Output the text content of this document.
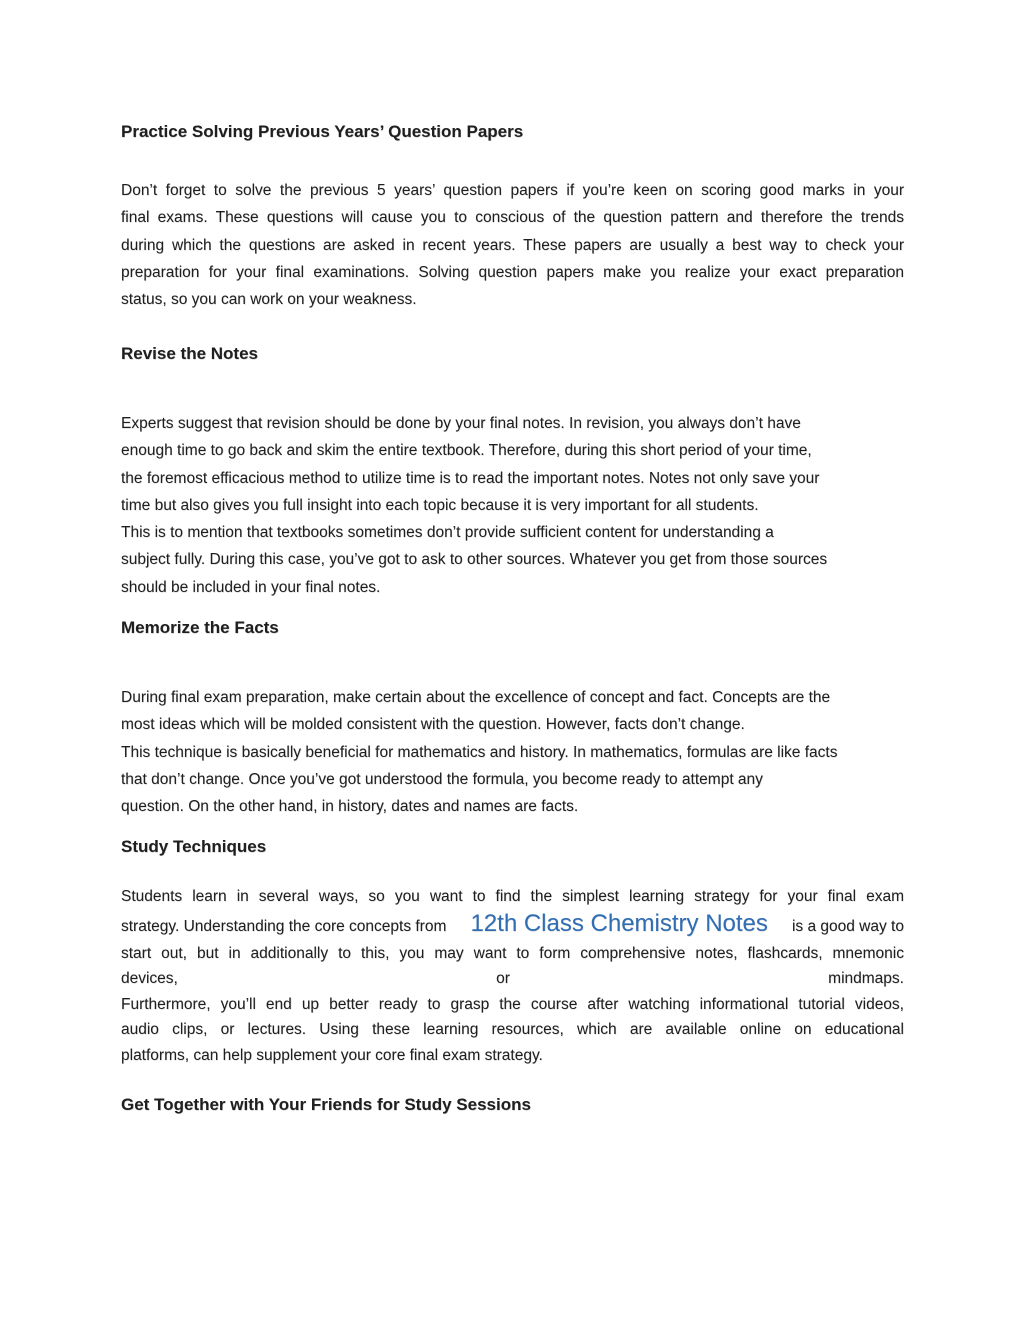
Practice Solving Previous Years’ Question Papers

Don’t forget to solve the previous 5 years’ question papers if you’re keen on scoring good marks in your
final exams. These questions will cause you to conscious of the question pattern and therefore the trends
during which the questions are asked in recent years. These papers are usually a best way to check your
preparation for your final examinations. Solving question papers make you realize your exact preparation
status, so you can work on your weakness.

Revise the Notes

Experts suggest that revision should be done by your final notes. In revision, you always don’t have
enough time to go back and skim the entire textbook. Therefore, during this short period of your time,
the foremost efficacious method to utilize time is to read the important notes. Notes not only save your
time but also gives you full insight into each topic because it is very important for all students.
This is to mention that textbooks sometimes don’t provide sufficient content for understanding a
subject fully. During this case, you’ve got to ask to other sources. Whatever you get from those sources
should be included in your final notes.

Memorize the Facts

During final exam preparation, make certain about the excellence of concept and fact. Concepts are the
most ideas which will be molded consistent with the question. However, facts don’t change.
This technique is basically beneficial for mathematics and history. In mathematics, formulas are like facts
that don’t change. Once you’ve got understood the formula, you become ready to attempt any
question. On the other hand, in history, dates and names are facts.

Study Techniques
Students learn in several ways, so you want to find the simplest learning strategy for your final exam
strategy. Understanding the core concepts from 12th Class Chemistry Notes is a good way to
start out, but in additionally to this, you may want to form comprehensive notes, flashcards, mnemonic
devices,	or	mindmaps.
Furthermore, you’ll end up better ready to grasp the course after watching informational tutorial videos,
audio clips, or lectures. Using these learning resources, which are available online on educational
platforms, can help supplement your core final exam strategy.
Get Together with Your Friends for Study Sessions
